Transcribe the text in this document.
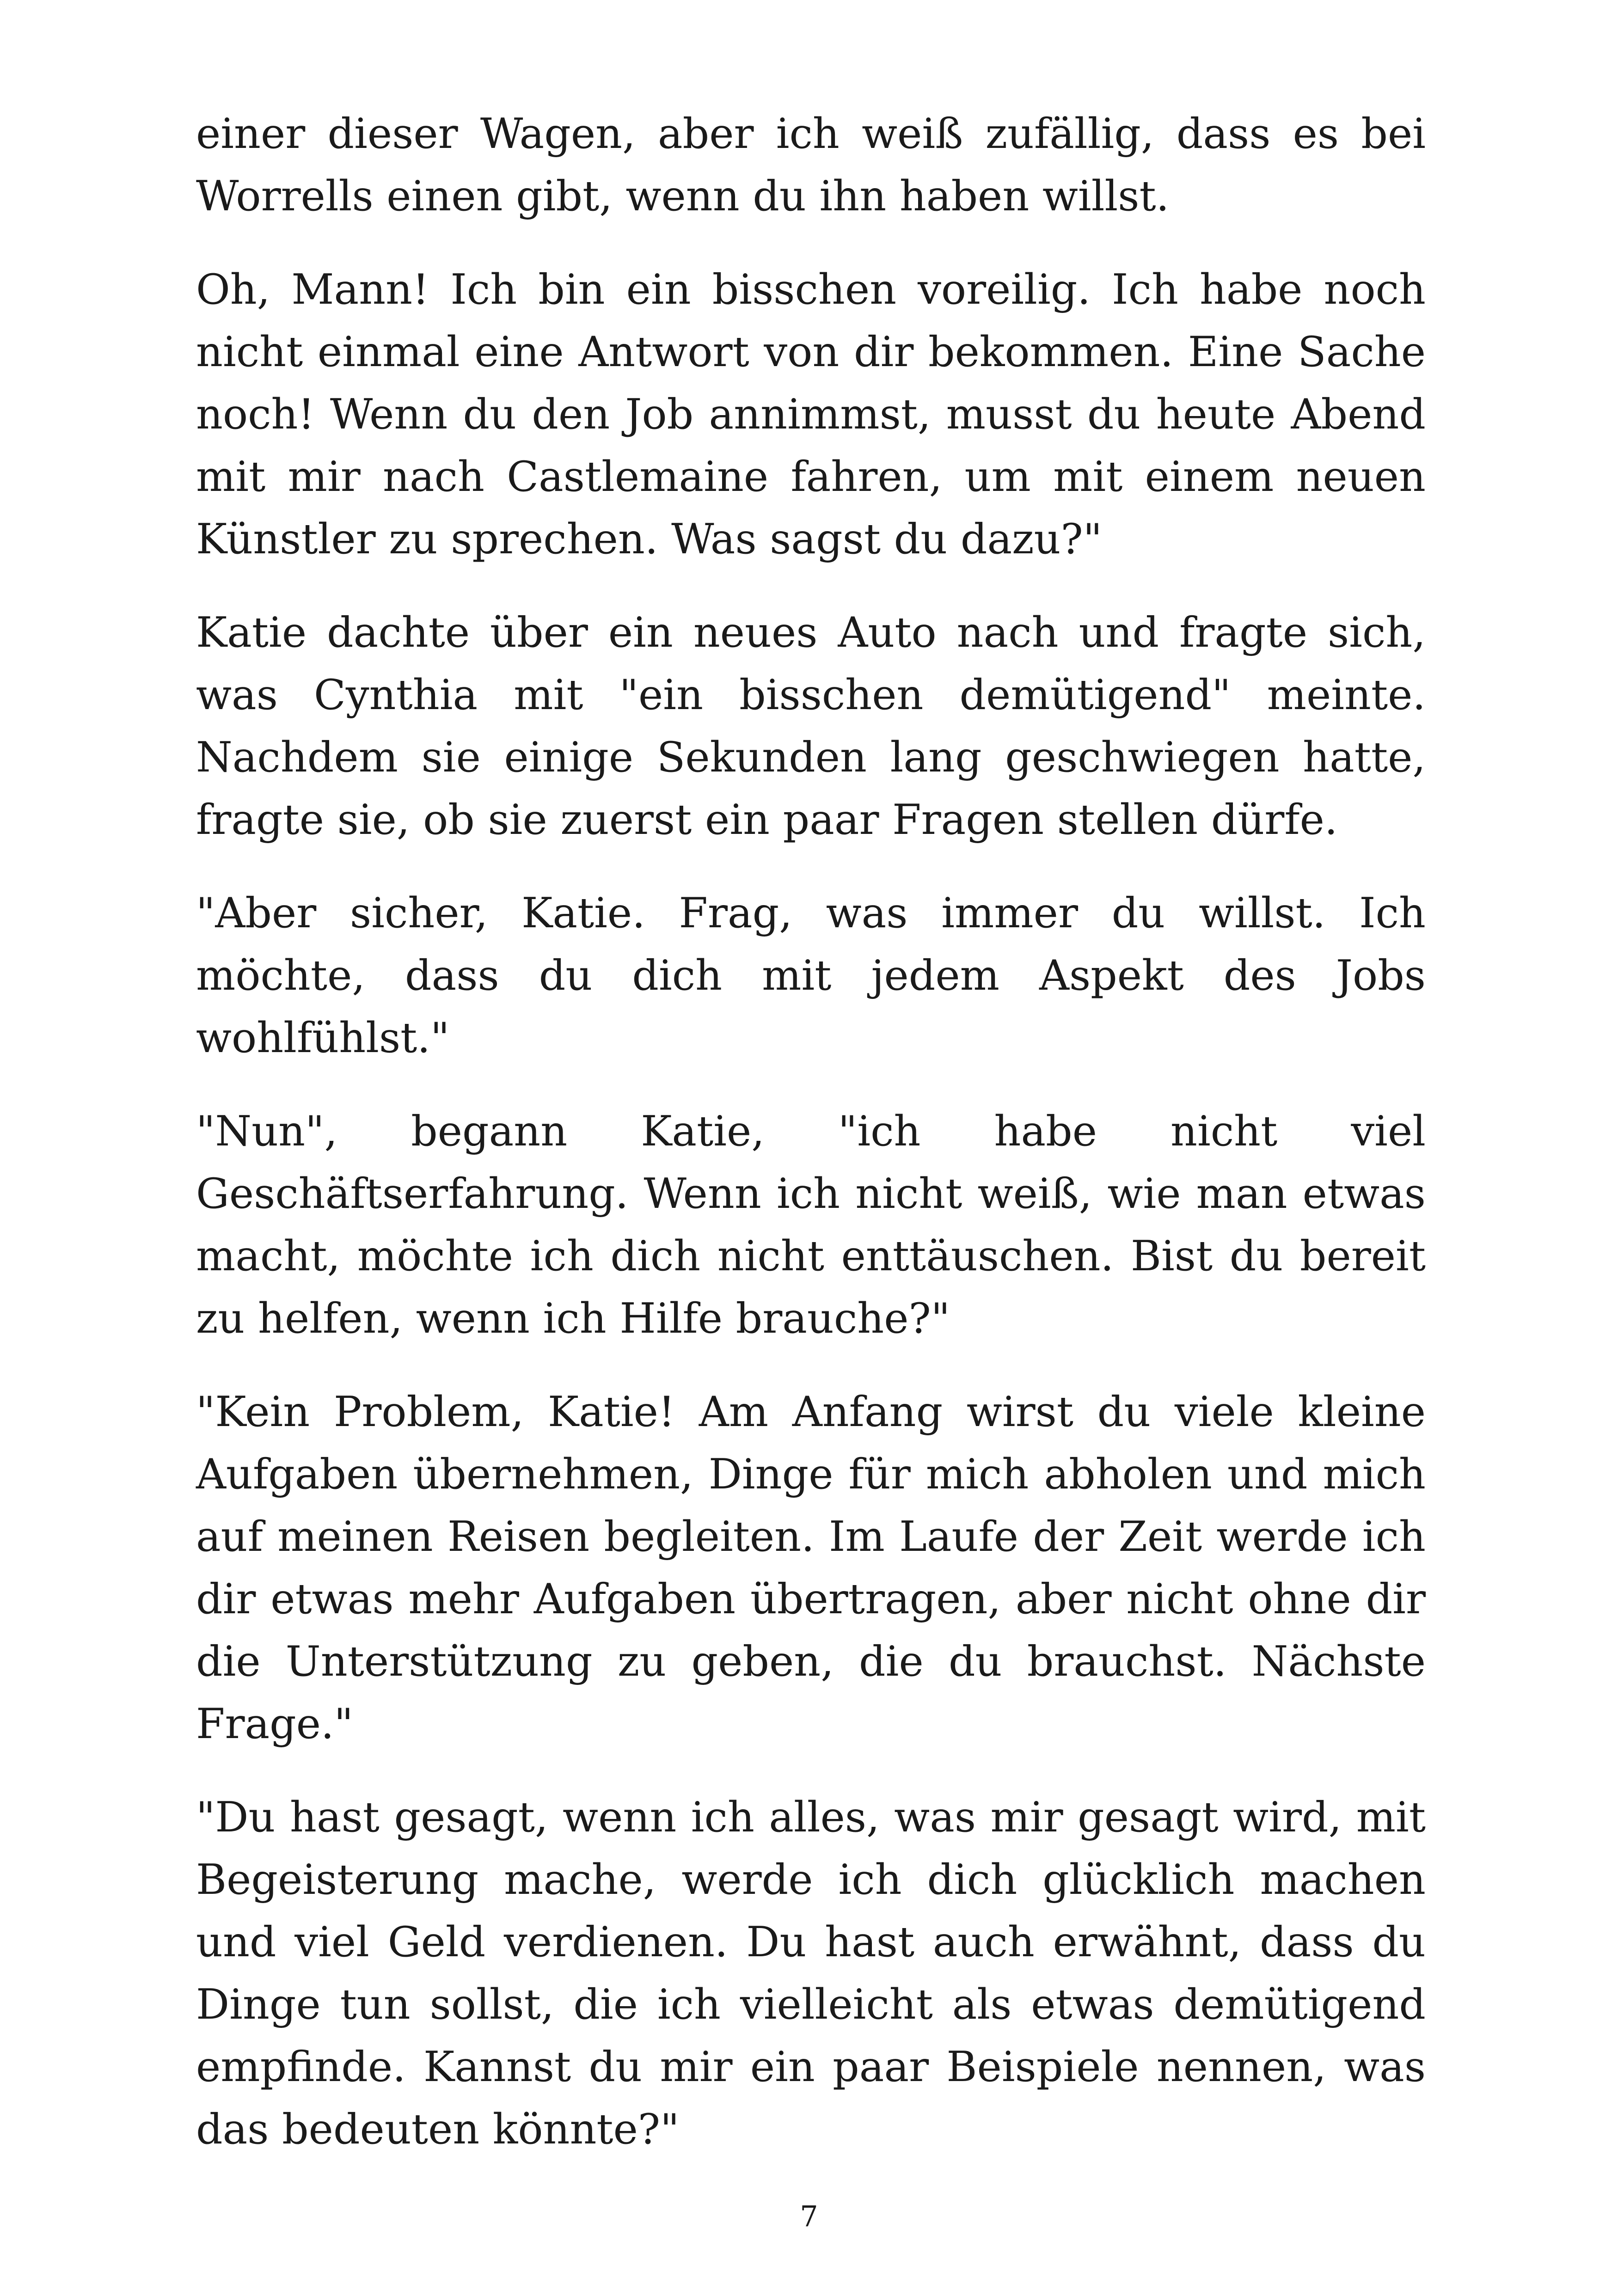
einer dieser Wagen, aber ich weiß zufällig, dass es bei Worrells einen gibt, wenn du ihn haben willst.

Oh, Mann! Ich bin ein bisschen voreilig. Ich habe noch nicht einmal eine Antwort von dir bekommen. Eine Sache noch! Wenn du den Job annimmst, musst du heute Abend mit mir nach Castlemaine fahren, um mit einem neuen Künstler zu sprechen. Was sagst du dazu?"

Katie dachte über ein neues Auto nach und fragte sich, was Cynthia mit "ein bisschen demütigend" meinte. Nachdem sie einige Sekunden lang geschwiegen hatte, fragte sie, ob sie zuerst ein paar Fragen stellen dürfe.

"Aber sicher, Katie. Frag, was immer du willst. Ich möchte, dass du dich mit jedem Aspekt des Jobs wohlfühlst."

"Nun", begann Katie, "ich habe nicht viel Geschäftserfahrung. Wenn ich nicht weiß, wie man etwas macht, möchte ich dich nicht enttäuschen. Bist du bereit zu helfen, wenn ich Hilfe brauche?"

"Kein Problem, Katie! Am Anfang wirst du viele kleine Aufgaben übernehmen, Dinge für mich abholen und mich auf meinen Reisen begleiten. Im Laufe der Zeit werde ich dir etwas mehr Aufgaben übertragen, aber nicht ohne dir die Unterstützung zu geben, die du brauchst. Nächste Frage."

"Du hast gesagt, wenn ich alles, was mir gesagt wird, mit Begeisterung mache, werde ich dich glücklich machen und viel Geld verdienen. Du hast auch erwähnt, dass du Dinge tun sollst, die ich vielleicht als etwas demütigend empfinde. Kannst du mir ein paar Beispiele nennen, was das bedeuten könnte?"

7
